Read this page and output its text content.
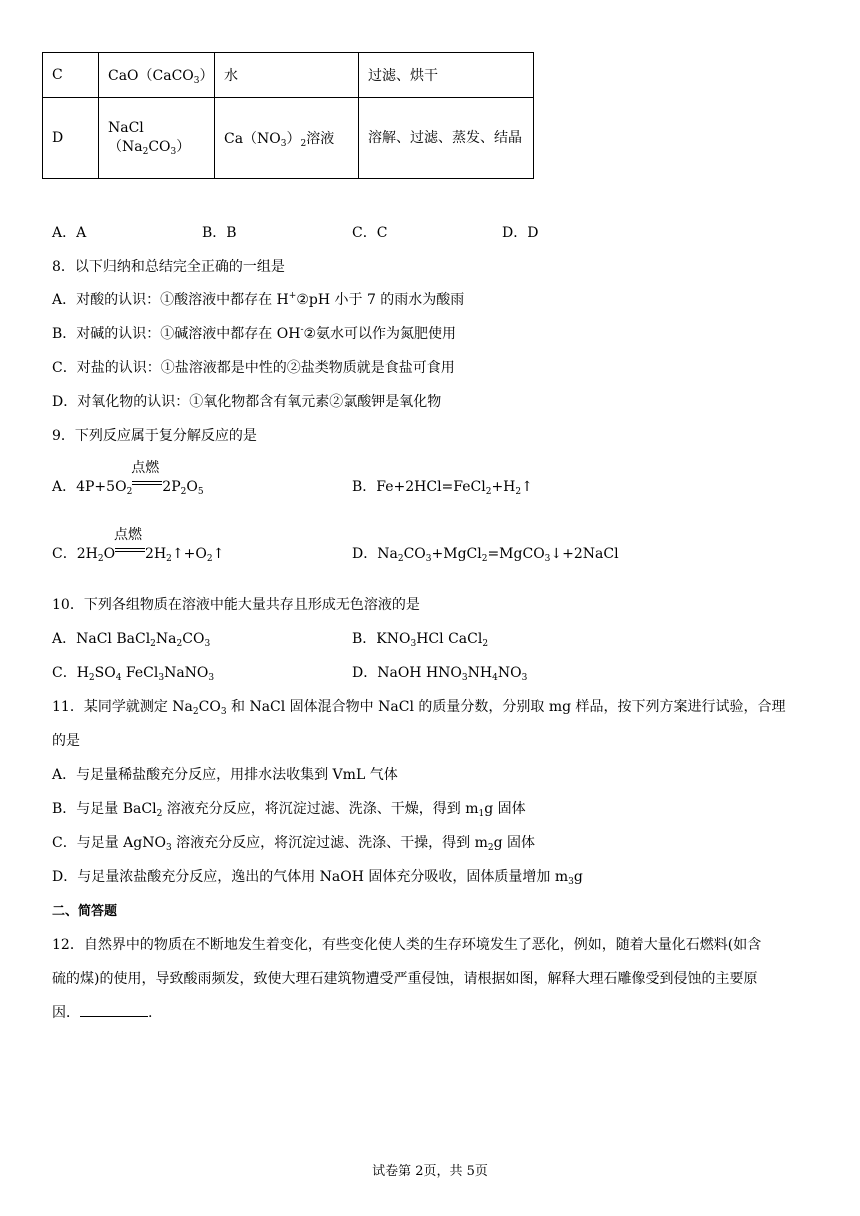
C	CaO（CaCO$_3$）	水	过滤、烘干
D	$NaCl(Na_2CO_3)$	$Ca(NO_3)_2$溶液	溶解、过滤、蒸发、结晶
A．A	B．B	C．C	D．D
8．以下归纳和总结完全正确的一组是
A．对酸的认识：①酸溶液中都存在 H+②pH 小于 7 的雨水为酸雨
B．对碱的认识：①碱溶液中都存在 OH-②氨水可以作为氮肥使用
C．对盐的认识：①盐溶液都是中性的②盐类物质就是食盐可食用
D．对氧化物的认识：①氧化物都含有氧元素②氯酸钾是氧化物
9．下列反应属于复分解反应的是
A．$4P+5O_2$
点燃
$2P_2O_5$	B．$Fe+2HCl=FeCl_2+H_2↑$
C．$2H_2O$
点燃
$2H_2↑+O_2↑$	D．$Na_2CO_3+MgCl_2=MgCO_3↓+2NaCl$
10．下列各组物质在溶液中能大量共存且形成无色溶液的是
A．NaCl $BaCl_2Na_2CO_3$	B．$KNO_3HCl$ CaCl$_2$
C．$H_2SO_4$ FeCl$_3$NaNO$_3$	D．NaOH $HNO_3NH_4NO_3$
11．某同学就测定 $Na_2CO_3$ 和 NaCl 固体混合物中 NaCl 的质量分数，分别取 mg 样品，按下列方案进行试验，合理
的是
A．与足量稀盐酸充分反应，用排水法收集到 VmL 气体
B．与足量 BaCl$_2$ 溶液充分反应，将沉淀过滤、洗涤、干燥，得到 $m_1g$ 固体
C．与足量 AgNO$_3$ 溶液充分反应，将沉淀过滤、洗涤、干操，得到 $m_2g$ 固体
D．与足量浓盐酸充分反应，逸出的气体用 NaOH 固体充分吸收，固体质量增加 $m_3g$
二、简答题
12．自然界中的物质在不断地发生着变化，有些变化使人类的生存环境发生了恶化，例如，随着大量化石燃料(如含
硫的煤)的使用，导致酸雨频发，致使大理石建筑物遭受严重侵蚀，请根据如图，解释大理石雕像受到侵蚀的主要原
因．	.
试卷第 2页，共 5页
